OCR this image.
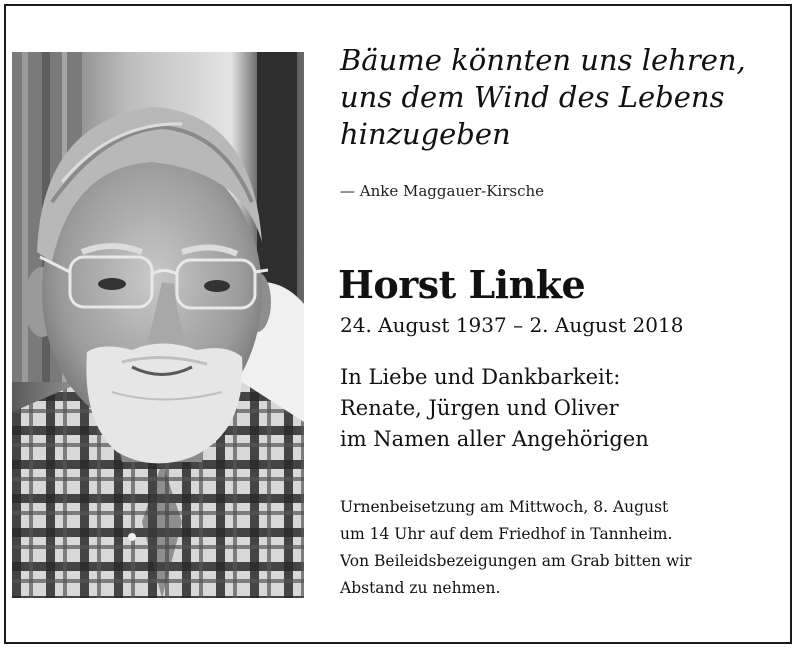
Bäume könnten uns lehren,
uns dem Wind des Lebens
hinzugeben
— Anke Maggauer-Kirsche
Horst Linke
24. August 1937 – 2. August 2018
In Liebe und Dankbarkeit:
Renate, Jürgen und Oliver
im Namen aller Angehörigen
Urnenbeisetzung am Mittwoch, 8. August
um 14 Uhr auf dem Friedhof in Tannheim.
Von Beileidsbezeigungen am Grab bitten wir
Abstand zu nehmen.
